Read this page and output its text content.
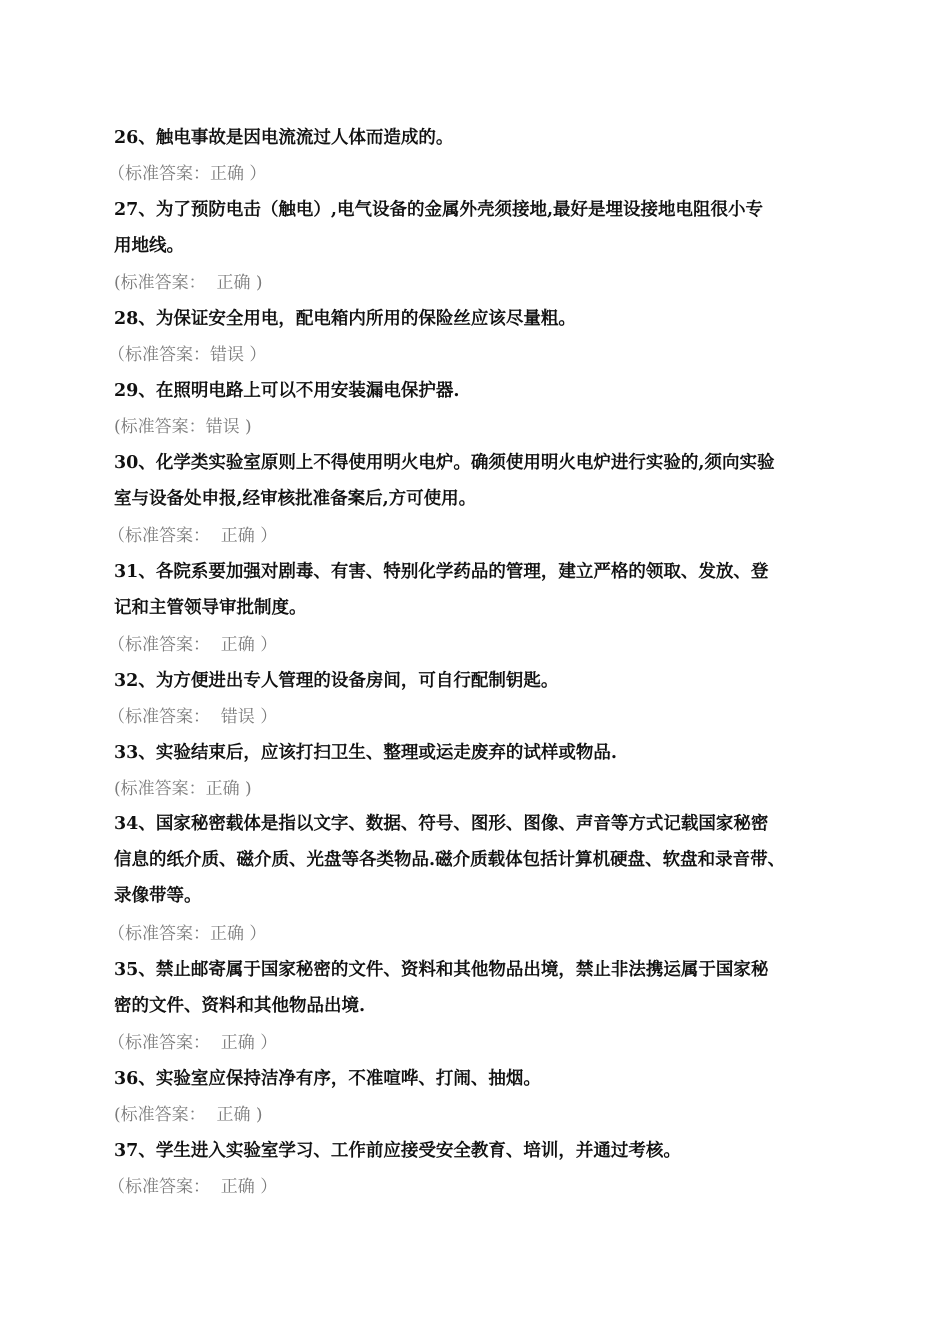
26、触电事故是因电流流过人体而造成的。
（标准答案：正确 ）
27、为了预防电击（触电）,电气设备的金属外壳须接地,最好是埋设接地电阻很小专
用地线。
(标准答案：  正确 )
28、为保证安全用电，配电箱内所用的保险丝应该尽量粗。
（标准答案：错误 ）
29、在照明电路上可以不用安装漏电保护器.
(标准答案：错误 )
30、化学类实验室原则上不得使用明火电炉。确须使用明火电炉进行实验的,须向实验
室与设备处申报,经审核批准备案后,方可使用。
（标准答案：  正确 ）
31、各院系要加强对剧毒、有害、特别化学药品的管理，建立严格的领取、发放、登
记和主管领导审批制度。
（标准答案：  正确 ）
32、为方便进出专人管理的设备房间，可自行配制钥匙。
（标准答案：  错误 ）
33、实验结束后，应该打扫卫生、整理或运走废弃的试样或物品.
(标准答案：正确 )
34、国家秘密载体是指以文字、数据、符号、图形、图像、声音等方式记载国家秘密
信息的纸介质、磁介质、光盘等各类物品.磁介质载体包括计算机硬盘、软盘和录音带、
录像带等。
（标准答案：正确 ）
35、禁止邮寄属于国家秘密的文件、资料和其他物品出境，禁止非法携运属于国家秘
密的文件、资料和其他物品出境.
（标准答案：  正确 ）
36、实验室应保持洁净有序，不准喧哗、打闹、抽烟。
(标准答案：  正确 )
37、学生进入实验室学习、工作前应接受安全教育、培训，并通过考核。
（标准答案：  正确 ）
